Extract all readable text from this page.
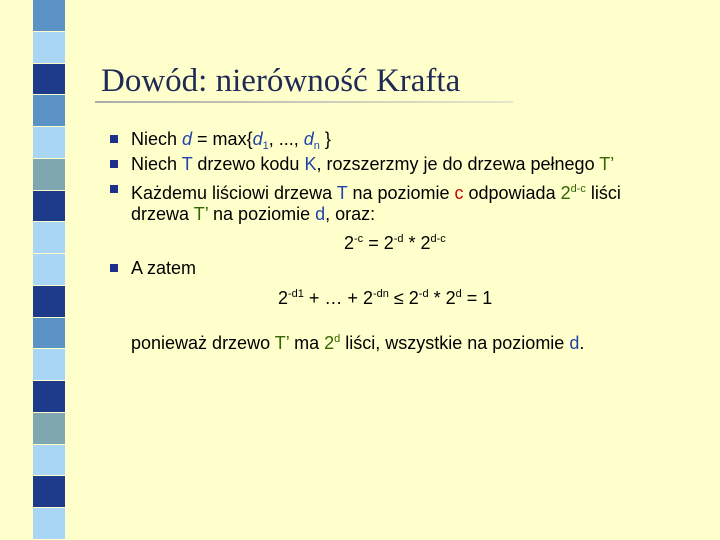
Dowód: nierówność Krafta
Niech $d = \max\{d_1$, ..., $d_n$ }
Niech T drzewo kodu K, rozszerzmy je do drzewa pełnego T’
Każdemu liściowi drzewa T na poziomie c odpowiada 2$^{d-c}$ liści
drzewa T’ na poziomie d, oraz:
$2^{-c} = 2^{-d} * 2^{d-c}$
A zatem
$2^{-d1}$ + … + $2^{-dn} \le 2^{-d} * 2^d = 1$
ponieważ drzewo T’ ma 2$^d$ liści, wszystkie na poziomie d.
